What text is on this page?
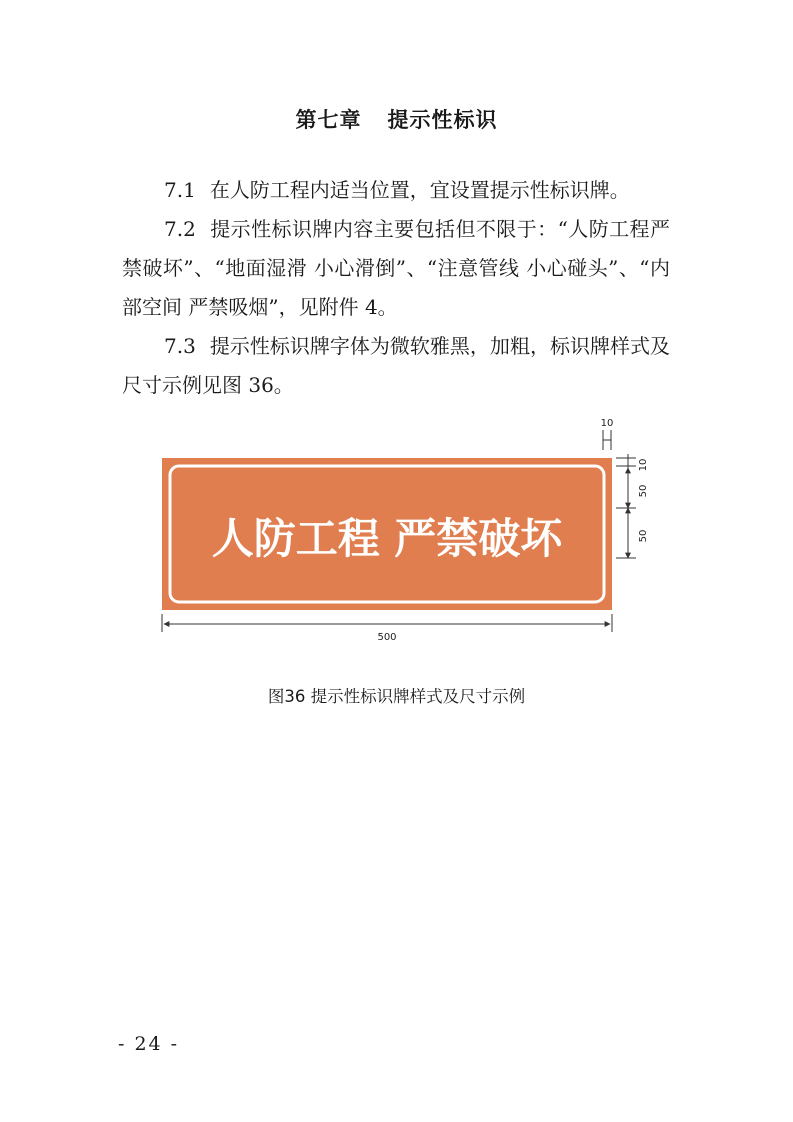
第七章 提示性标识

7.1 在人防工程内适当位置，宜设置提示性标识牌。

7.2 提示性标识牌内容主要包括但不限于：“人防工程严禁破坏”、“地面湿滑 小心滑倒”、“注意管线 小心碰头”、“内部空间 严禁吸烟”，见附件 4。

7.3 提示性标识牌字体为微软雅黑，加粗，标识牌样式及尺寸示例见图 36。

人防工程 严禁破坏
10
10
50
50
500
图36 提示性标识牌样式及尺寸示例
- 24 -
